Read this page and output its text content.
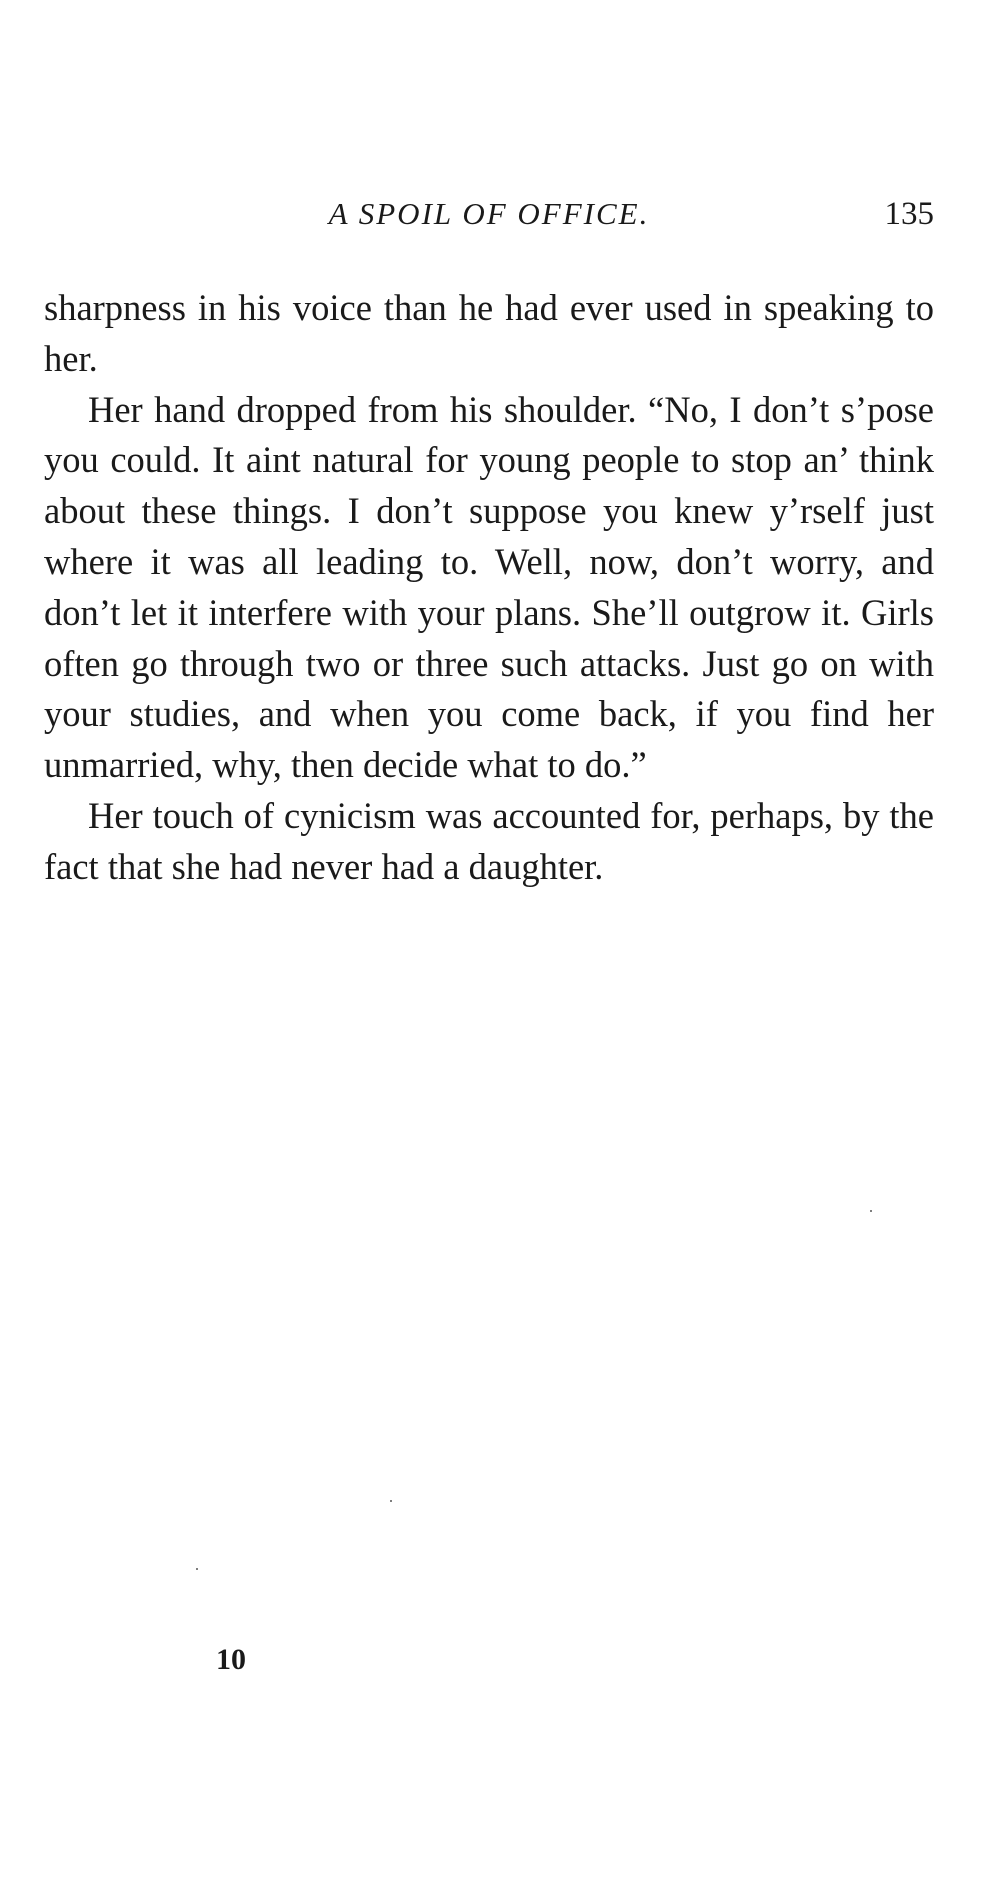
A SPOIL OF OFFICE.	135

sharpness in his voice than he had ever used in speaking to her.

Her hand dropped from his shoulder. “No, I don’t s’pose you could. It aint natural for young people to stop an’ think about these things. I don’t suppose you knew y’rself just where it was all leading to. Well, now, don’t worry, and don’t let it interfere with your plans. She’ll outgrow it. Girls often go through two or three such attacks. Just go on with your studies, and when you come back, if you find her unmarried, why, then decide what to do.”

Her touch of cynicism was accounted for, perhaps, by the fact that she had never had a daughter.

10
